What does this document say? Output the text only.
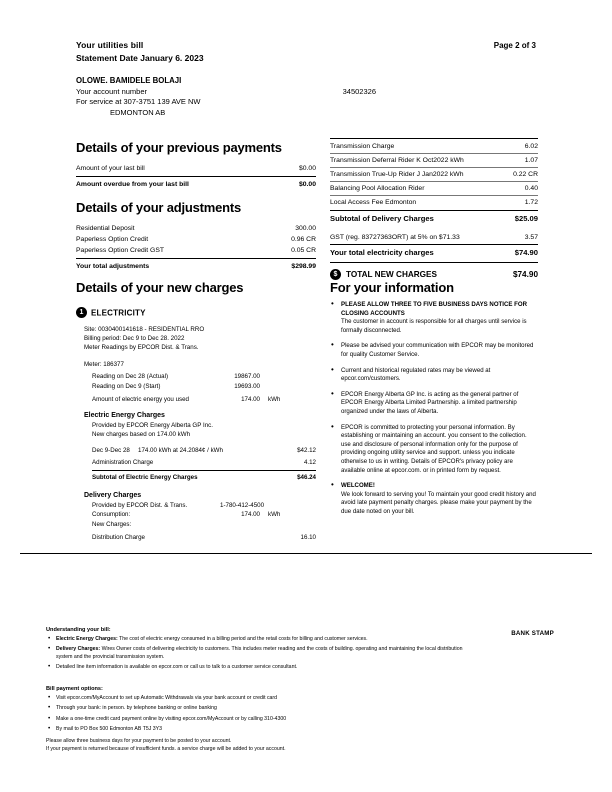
Your utilities bill
Statement Date January 6. 2023
Page 2 of 3
OLOWE. BAMIDELE BOLAJI
34502326
Your account number
For service at 307-3751 139 AVE NW
EDMONTON AB
Details of your previous payments
Amount of your last bill	$0.00
Amount overdue from your last bill	$0.00
Details of your adjustments
Residential Deposit	300.00
Paperless Option Credit	0.96 CR
Paperless Option Credit GST	0.05 CR
Your total adjustments	$298.99
Details of your new charges
1 ELECTRICITY
Site: 0030400141618 - RESIDENTIAL RRO
Billing period: Dec 9 to Dec 28. 2022
Meter Readings by EPCOR Dist. & Trans.
Meter: 186377
Reading on Dec 28 (Actual)	19867.00
Reading on Dec 9 (Start)	19693.00
Amount of electric energy you used	174.00 kWh
Electric Energy Charges
Provided by EPCOR Energy Alberta GP Inc.
New charges based on 174.00 kWh
Dec 9-Dec 28 174.00 kWh at 24.2084¢ / kWh	$42.12
Administration Charge	4.12
Subtotal of Electric Energy Charges	$46.24
Delivery Charges
Provided by EPCOR Dist. & Trans.	1-780-412-4500
Consumption:	174.00 kWh
New Charges:
Distribution Charge	16.10
Transmission Charge	6.02
Transmission Deferral Rider K Oct2022 kWh	1.07
Transmission True-Up Rider J Jan2022 kWh	0.22 CR
Balancing Pool Allocation Rider	0.40
Local Access Fee Edmonton	1.72
Subtotal of Delivery Charges	$25.09
GST (reg. 83727363ORT) at 5% on $71.33	3.57
Your total electricity charges	$74.90
$	TOTAL NEW CHARGES	$74.90
For your information
• PLEASE ALLOW THREE TO FIVE BUSINESS DAYS NOTICE FOR CLOSING ACCOUNTS
The customer in account is responsible for all charges until service is formally disconnected.
• Please be advised your communication with EPCOR may be monitored for quality Customer Service.
• Current and historical regulated rates may be viewed at epcor.com/customers.
• EPCOR Energy Alberta GP Inc. is acting as the general partner of EPCOR Energy Alberta Limited Partnership. a limited partnership organized under the laws of Alberta.
• EPCOR is committed to protecting your personal information. By establishing or maintaining an account. you consent to the collection. use and disclosure of personal information only for the purpose of providing ongoing utility service and support. unless you indicate otherwise to us in writing. Details of EPCOR's privacy policy are available online at epcor.com. or in printed form by request.
• WELCOME!
We look forward to serving you! To maintain your good credit history and avoid late payment penalty charges. please make your payment by the due date noted on your bill.
Understanding your bill:
• Electric Energy Charges: The cost of electric energy consumed in a billing period and the retail costs for billing and customer services.
• Delivery Charges: Wires Owner costs of delivering electricity to customers. This includes meter reading and the costs of building. operating and maintaining the local distribution system and the provincial transmission system.
• Detailed line item information is available on epcor.com or call us to talk to a customer service consultant.
BANK STAMP
Bill payment options:
• Visit epcor.com/MyAccount to set up Automatic Withdrawals via your bank account or credit card
• Through your bank: in person. by telephone banking or online banking
• Make a one-time credit card payment online by visiting epcor.com/MyAccount or by calling 310-4300
• By mail to PO Box 500 Edmonton AB T5J 3Y3
Please allow three business days for your payment to be posted to your account.
If your payment is returned because of insufficient funds. a service charge will be added to your account.
